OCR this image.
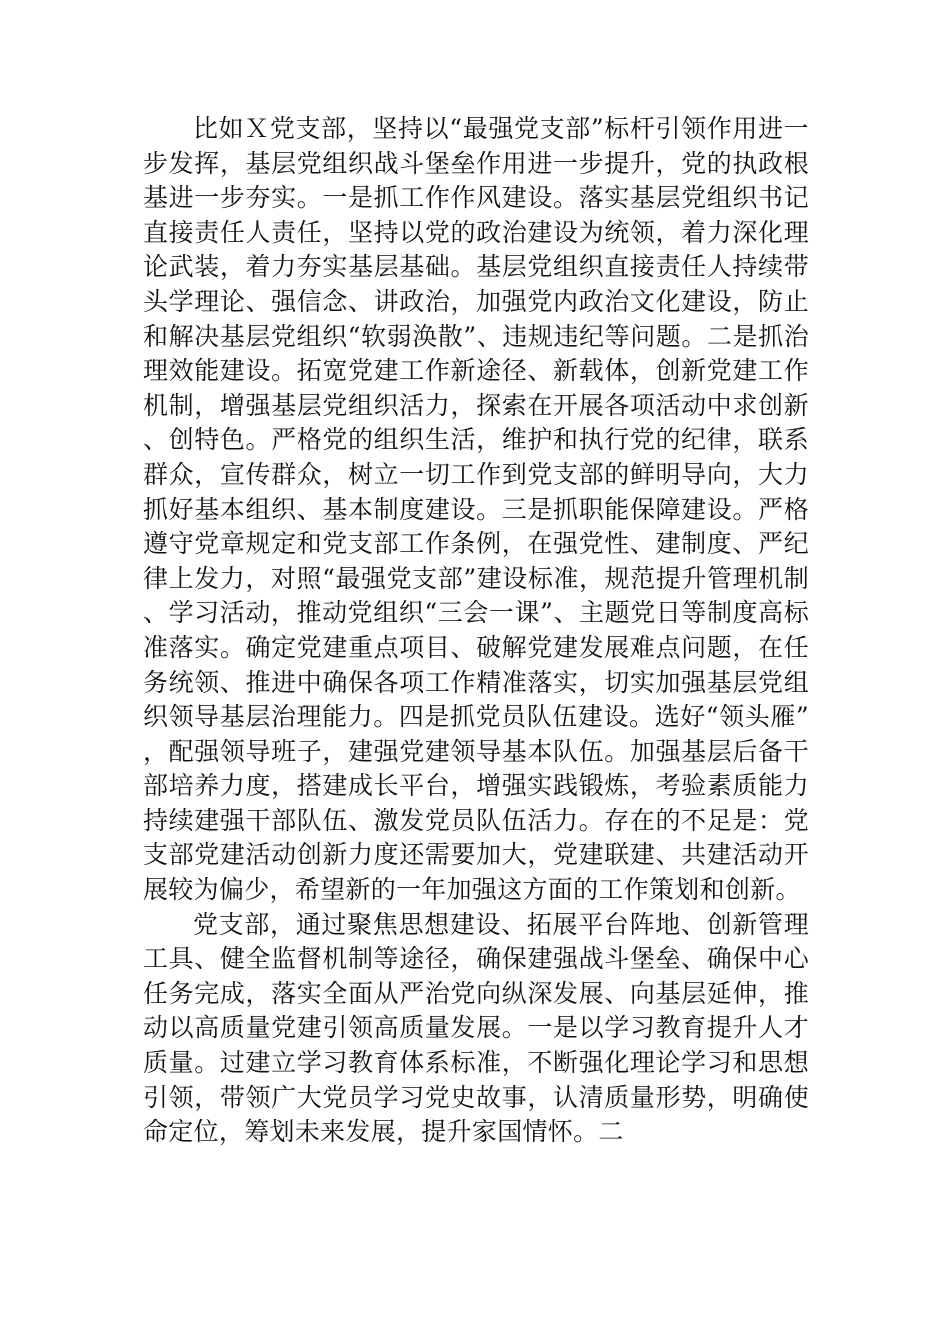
比如Ｘ党支部，坚持以“最强党支部”标杆引领作用进一步发挥，基层党组织战斗堡垒作用进一步提升，党的执政根基进一步夯实。一是抓工作作风建设。落实基层党组织书记直接责任人责任，坚持以党的政治建设为统领，着力深化理论武装，着力夯实基层基础。基层党组织直接责任人持续带头学理论、强信念、讲政治，加强党内政治文化建设，防止和解决基层党组织“软弱涣散”、违规违纪等问题。二是抓治理效能建设。拓宽党建工作新途径、新载体，创新党建工作机制，增强基层党组织活力，探索在开展各项活动中求创新、创特色。严格党的组织生活，维护和执行党的纪律，联系群众，宣传群众，树立一切工作到党支部的鲜明导向，大力抓好基本组织、基本制度建设。三是抓职能保障建设。严格遵守党章规定和党支部工作条例，在强党性、建制度、严纪律上发力，对照“最强党支部”建设标准，规范提升管理机制、学习活动，推动党组织“三会一课”、主题党日等制度高标准落实。确定党建重点项目、破解党建发展难点问题，在任务统领、推进中确保各项工作精准落实，切实加强基层党组织领导基层治理能力。四是抓党员队伍建设。选好“领头雁”，配强领导班子，建强党建领导基本队伍。加强基层后备干部培养力度，搭建成长平台，增强实践锻炼，考验素质能力持续建强干部队伍、激发党员队伍活力。存在的不足是：党支部党建活动创新力度还需要加大，党建联建、共建活动开展较为偏少，希望新的一年加强这方面的工作策划和创新。

党支部，通过聚焦思想建设、拓展平台阵地、创新管理工具、健全监督机制等途径，确保建强战斗堡垒、确保中心任务完成，落实全面从严治党向纵深发展、向基层延伸，推动以高质量党建引领高质量发展。一是以学习教育提升人才质量。过建立学习教育体系标准，不断强化理论学习和思想引领，带领广大党员学习党史故事，认清质量形势，明确使命定位，筹划未来发展，提升家国情怀。二
